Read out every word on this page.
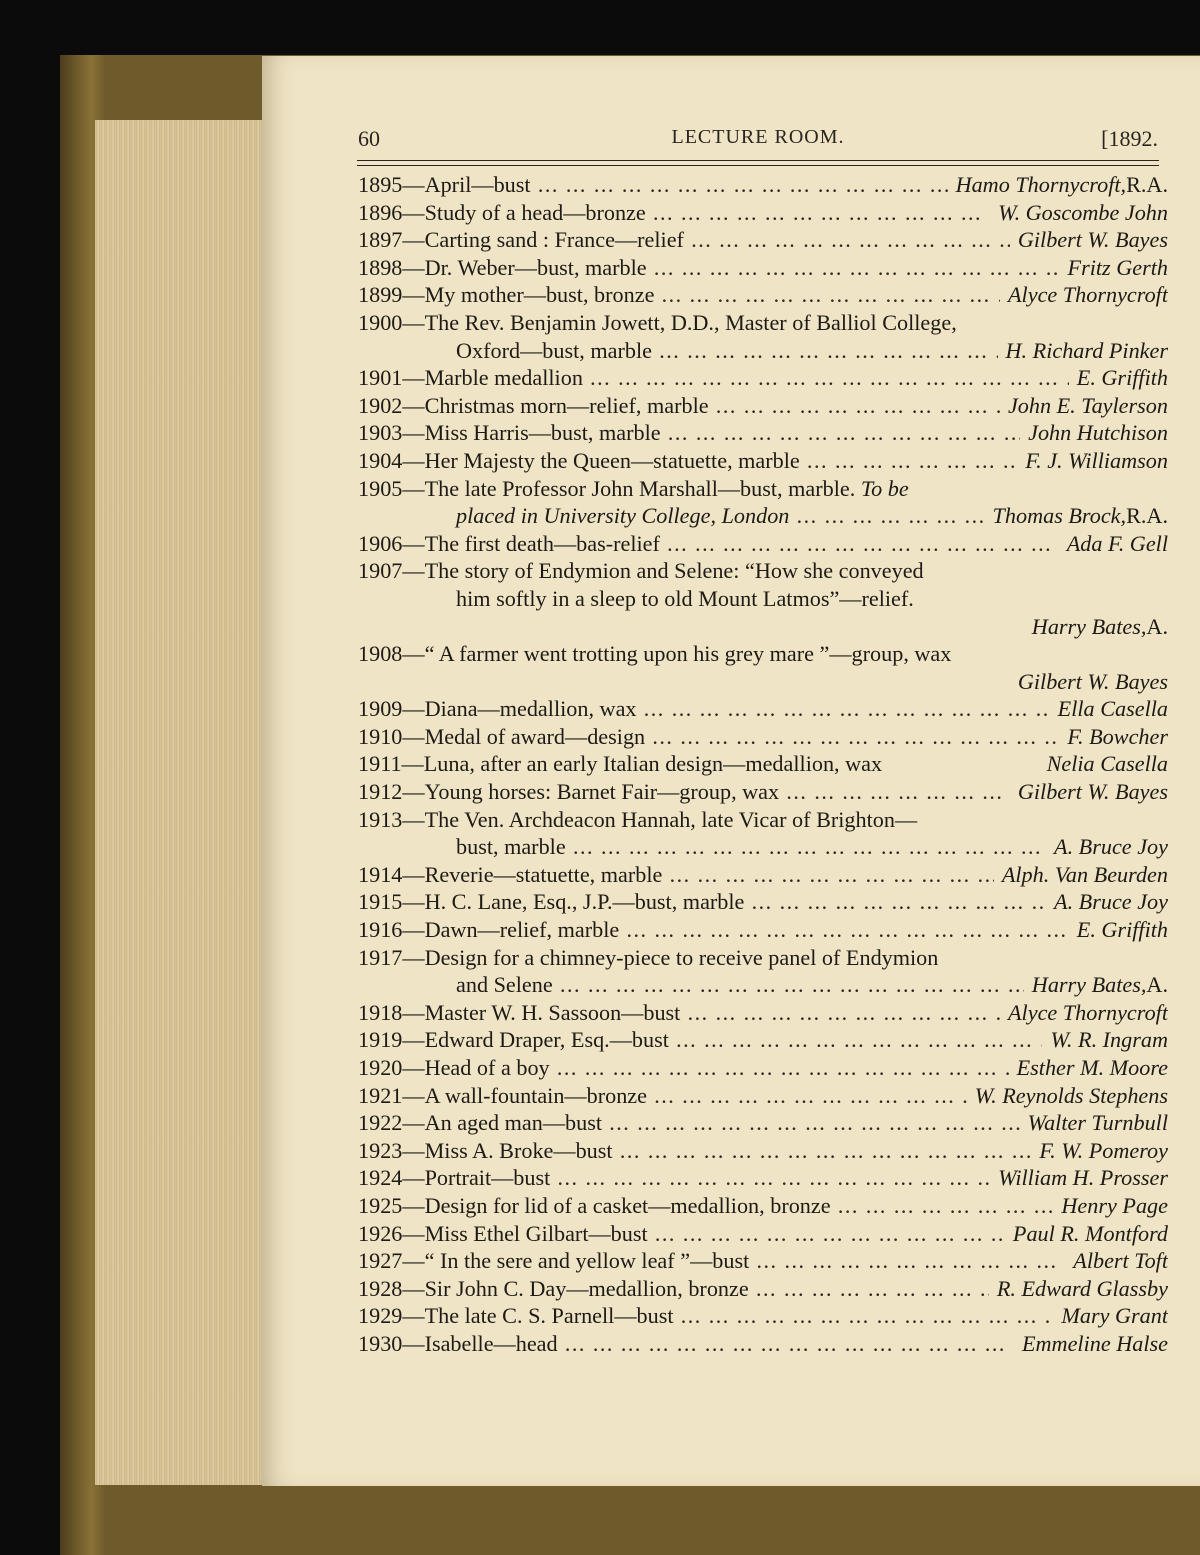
60	LECTURE ROOM.	[1892.
1895—April—bust ... .	Hamo Thornycroft, R.A.
1896—Study of a head—bronze ... .	W. Goscombe John
1897—Carting sand : France—relief ... .	Gilbert W. Bayes
1898—Dr. Weber—bust, marble ... .	Fritz Gerth
1899—My mother—bust, bronze ... .	Alyce Thornycroft
1900—The Rev. Benjamin Jowett, D.D., Master of Balliol College,
Oxford—bust, marble ... .	H. Richard Pinker
1901—Marble medallion ... .	E. Griffith
1902—Christmas morn—relief, marble ... .	John E. Taylerson
1903—Miss Harris—bust, marble ... .	John Hutchison
1904—Her Majesty the Queen—statuette, marble ... .	F. J. Williamson
1905—The late Professor John Marshall—bust, marble. To be
placed in University College, London ... .	Thomas Brock, R.A.
1906—The first death—bas-relief ... .	Ada F. Gell
1907—The story of Endymion and Selene: “How she conveyed
him softly in a sleep to old Mount Latmos”—relief.
Harry Bates, A.
1908—“ A farmer went trotting upon his grey mare ”—group, wax
Gilbert W. Bayes
1909—Diana—medallion, wax ... .	Ella Casella
1910—Medal of award—design ... .	F. Bowcher
1911—Luna, after an early Italian design—medallion, wax	Nelia Casella
1912—Young horses: Barnet Fair—group, wax ... .	Gilbert W. Bayes
1913—The Ven. Archdeacon Hannah, late Vicar of Brighton—
bust, marble ... .	A. Bruce Joy
1914—Reverie—statuette, marble ... .	Alph. Van Beurden
1915—H. C. Lane, Esq., J.P.—bust, marble ... .	A. Bruce Joy
1916—Dawn—relief, marble ... .	E. Griffith
1917—Design for a chimney-piece to receive panel of Endymion
and Selene ... .	Harry Bates, A.
1918—Master W. H. Sassoon—bust ... .	Alyce Thornycroft
1919—Edward Draper, Esq.—bust ... .	W. R. Ingram
1920—Head of a boy ... .	Esther M. Moore
1921—A wall-fountain—bronze ... .	W. Reynolds Stephens
1922—An aged man—bust ... .	Walter Turnbull
1923—Miss A. Broke—bust ... .	F. W. Pomeroy
1924—Portrait—bust ... .	William H. Prosser
1925—Design for lid of a casket—medallion, bronze ... .	Henry Page
1926—Miss Ethel Gilbart—bust ... .	Paul R. Montford
1927—“ In the sere and yellow leaf ”—bust ... .	Albert Toft
1928—Sir John C. Day—medallion, bronze ... .	R. Edward Glassby
1929—The late C. S. Parnell—bust ... .	Mary Grant
1930—Isabelle—head ... .	Emmeline Halse
